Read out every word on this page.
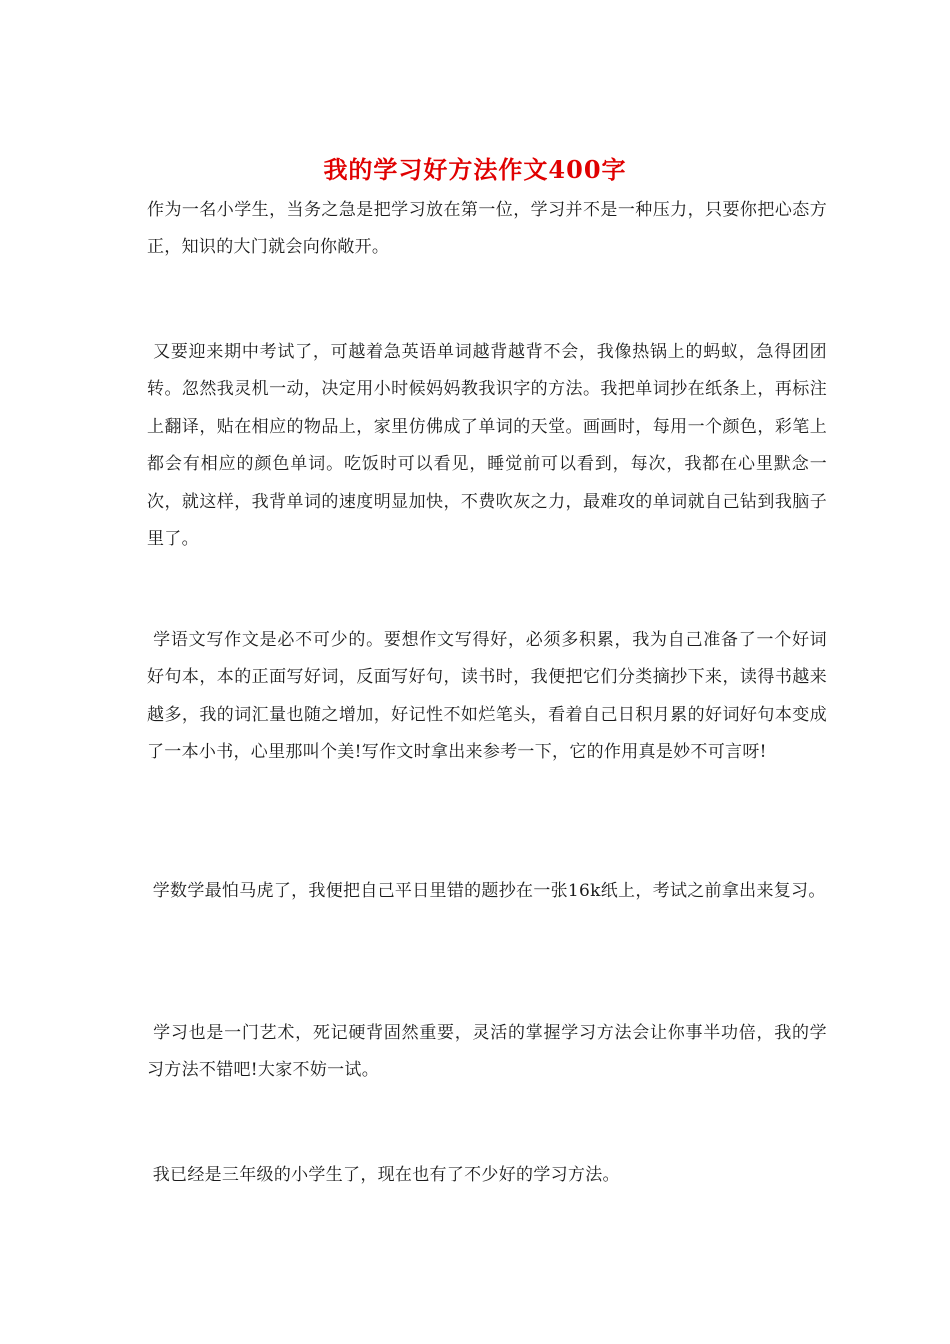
我的学习好方法作文400字
作为一名小学生，当务之急是把学习放在第一位，学习并不是一种压力，只要你把心态方正，知识的大门就会向你敞开。
又要迎来期中考试了，可越着急英语单词越背越背不会，我像热锅上的蚂蚁，急得团团转。忽然我灵机一动，决定用小时候妈妈教我识字的方法。我把单词抄在纸条上，再标注上翻译，贴在相应的物品上，家里仿佛成了单词的天堂。画画时，每用一个颜色，彩笔上都会有相应的颜色单词。吃饭时可以看见，睡觉前可以看到，每次，我都在心里默念一次，就这样，我背单词的速度明显加快，不费吹灰之力，最难攻的单词就自己钻到我脑子里了。
学语文写作文是必不可少的。要想作文写得好，必须多积累，我为自己准备了一个好词好句本，本的正面写好词，反面写好句，读书时，我便把它们分类摘抄下来，读得书越来越多，我的词汇量也随之增加，好记性不如烂笔头，看着自己日积月累的好词好句本变成了一本小书，心里那叫个美!写作文时拿出来参考一下，它的作用真是妙不可言呀!
学数学最怕马虎了，我便把自己平日里错的题抄在一张16k纸上，考试之前拿出来复习。
学习也是一门艺术，死记硬背固然重要，灵活的掌握学习方法会让你事半功倍，我的学习方法不错吧!大家不妨一试。
我已经是三年级的小学生了，现在也有了不少好的学习方法。
